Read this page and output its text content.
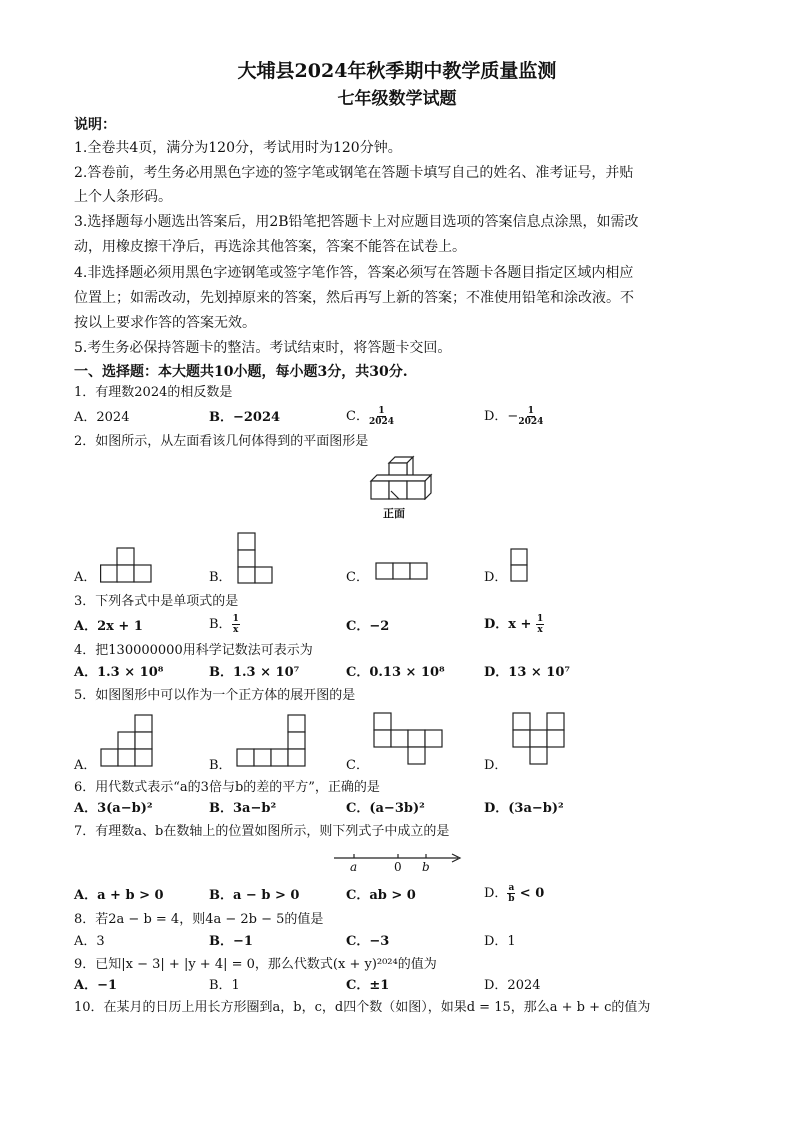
大埔县2024年秋季期中教学质量监测
七年级数学试题
说明：
1.全卷共4页，满分为120分，考试用时为120分钟。
2.答卷前，考生务必用黑色字迹的签字笔或钢笔在答题卡填写自己的姓名、准考证号，并贴
上个人条形码。
3.选择题每小题选出答案后，用2B铅笔把答题卡上对应题目选项的答案信息点涂黑，如需改
动，用橡皮擦干净后，再选涂其他答案，答案不能答在试卷上。
4.非选择题必须用黑色字迹钢笔或签字笔作答，答案必须写在答题卡各题目指定区域内相应
位置上；如需改动，先划掉原来的答案，然后再写上新的答案；不准使用铅笔和涂改液。不
按以上要求作答的答案无效。
5.考生务必保持答题卡的整洁。考试结束时，将答题卡交回。
一、选择题：本大题共10小题，每小题3分，共30分.
1．有理数2024的相反数是
A．2024	B．−2024	C． $\frac{1}{2024}$	D．− $\frac{1}{2024}$
2．如图所示，从左面看该几何体得到的平面图形是
正面
A．	B．	C．	D．
3．下列各式中是单项式的是
A．2x + 1	B． $\frac{1}{x}$	C．−2	D．$x + \frac{1}{x}$
4．把130000000用科学记数法可表示为
A．1.3 × 10⁸	B．1.3 × 10⁷	C．0.13 × 10⁸	D．13 × 10⁷
5．如图图形中可以作为一个正方体的展开图的是
A．	B．	C．	D．
6．用代数式表示“a的3倍与b的差的平方”，正确的是
A．3(a−b)²	B．3a−b²	C．(a−3b)²	D．(3a−b)²
7．有理数a、b在数轴上的位置如图所示，则下列式子中成立的是
a	0 b
A．a + b > 0	B．a − b > 0	C．ab > 0	D． $\frac{a}{b} < 0$
8．若2a − b = 4，则4a − 2b − 5的值是
A．3	B．−1	C．−3	D．1
9．已知|x − 3| + |y + 4| = 0，那么代数式(x + y)²⁰²⁴的值为
A．−1	B．1	C．±1	D．2024
10．在某月的日历上用长方形圈到a，b，c，d四个数（如图），如果d = 15，那么a + b + c的值为
